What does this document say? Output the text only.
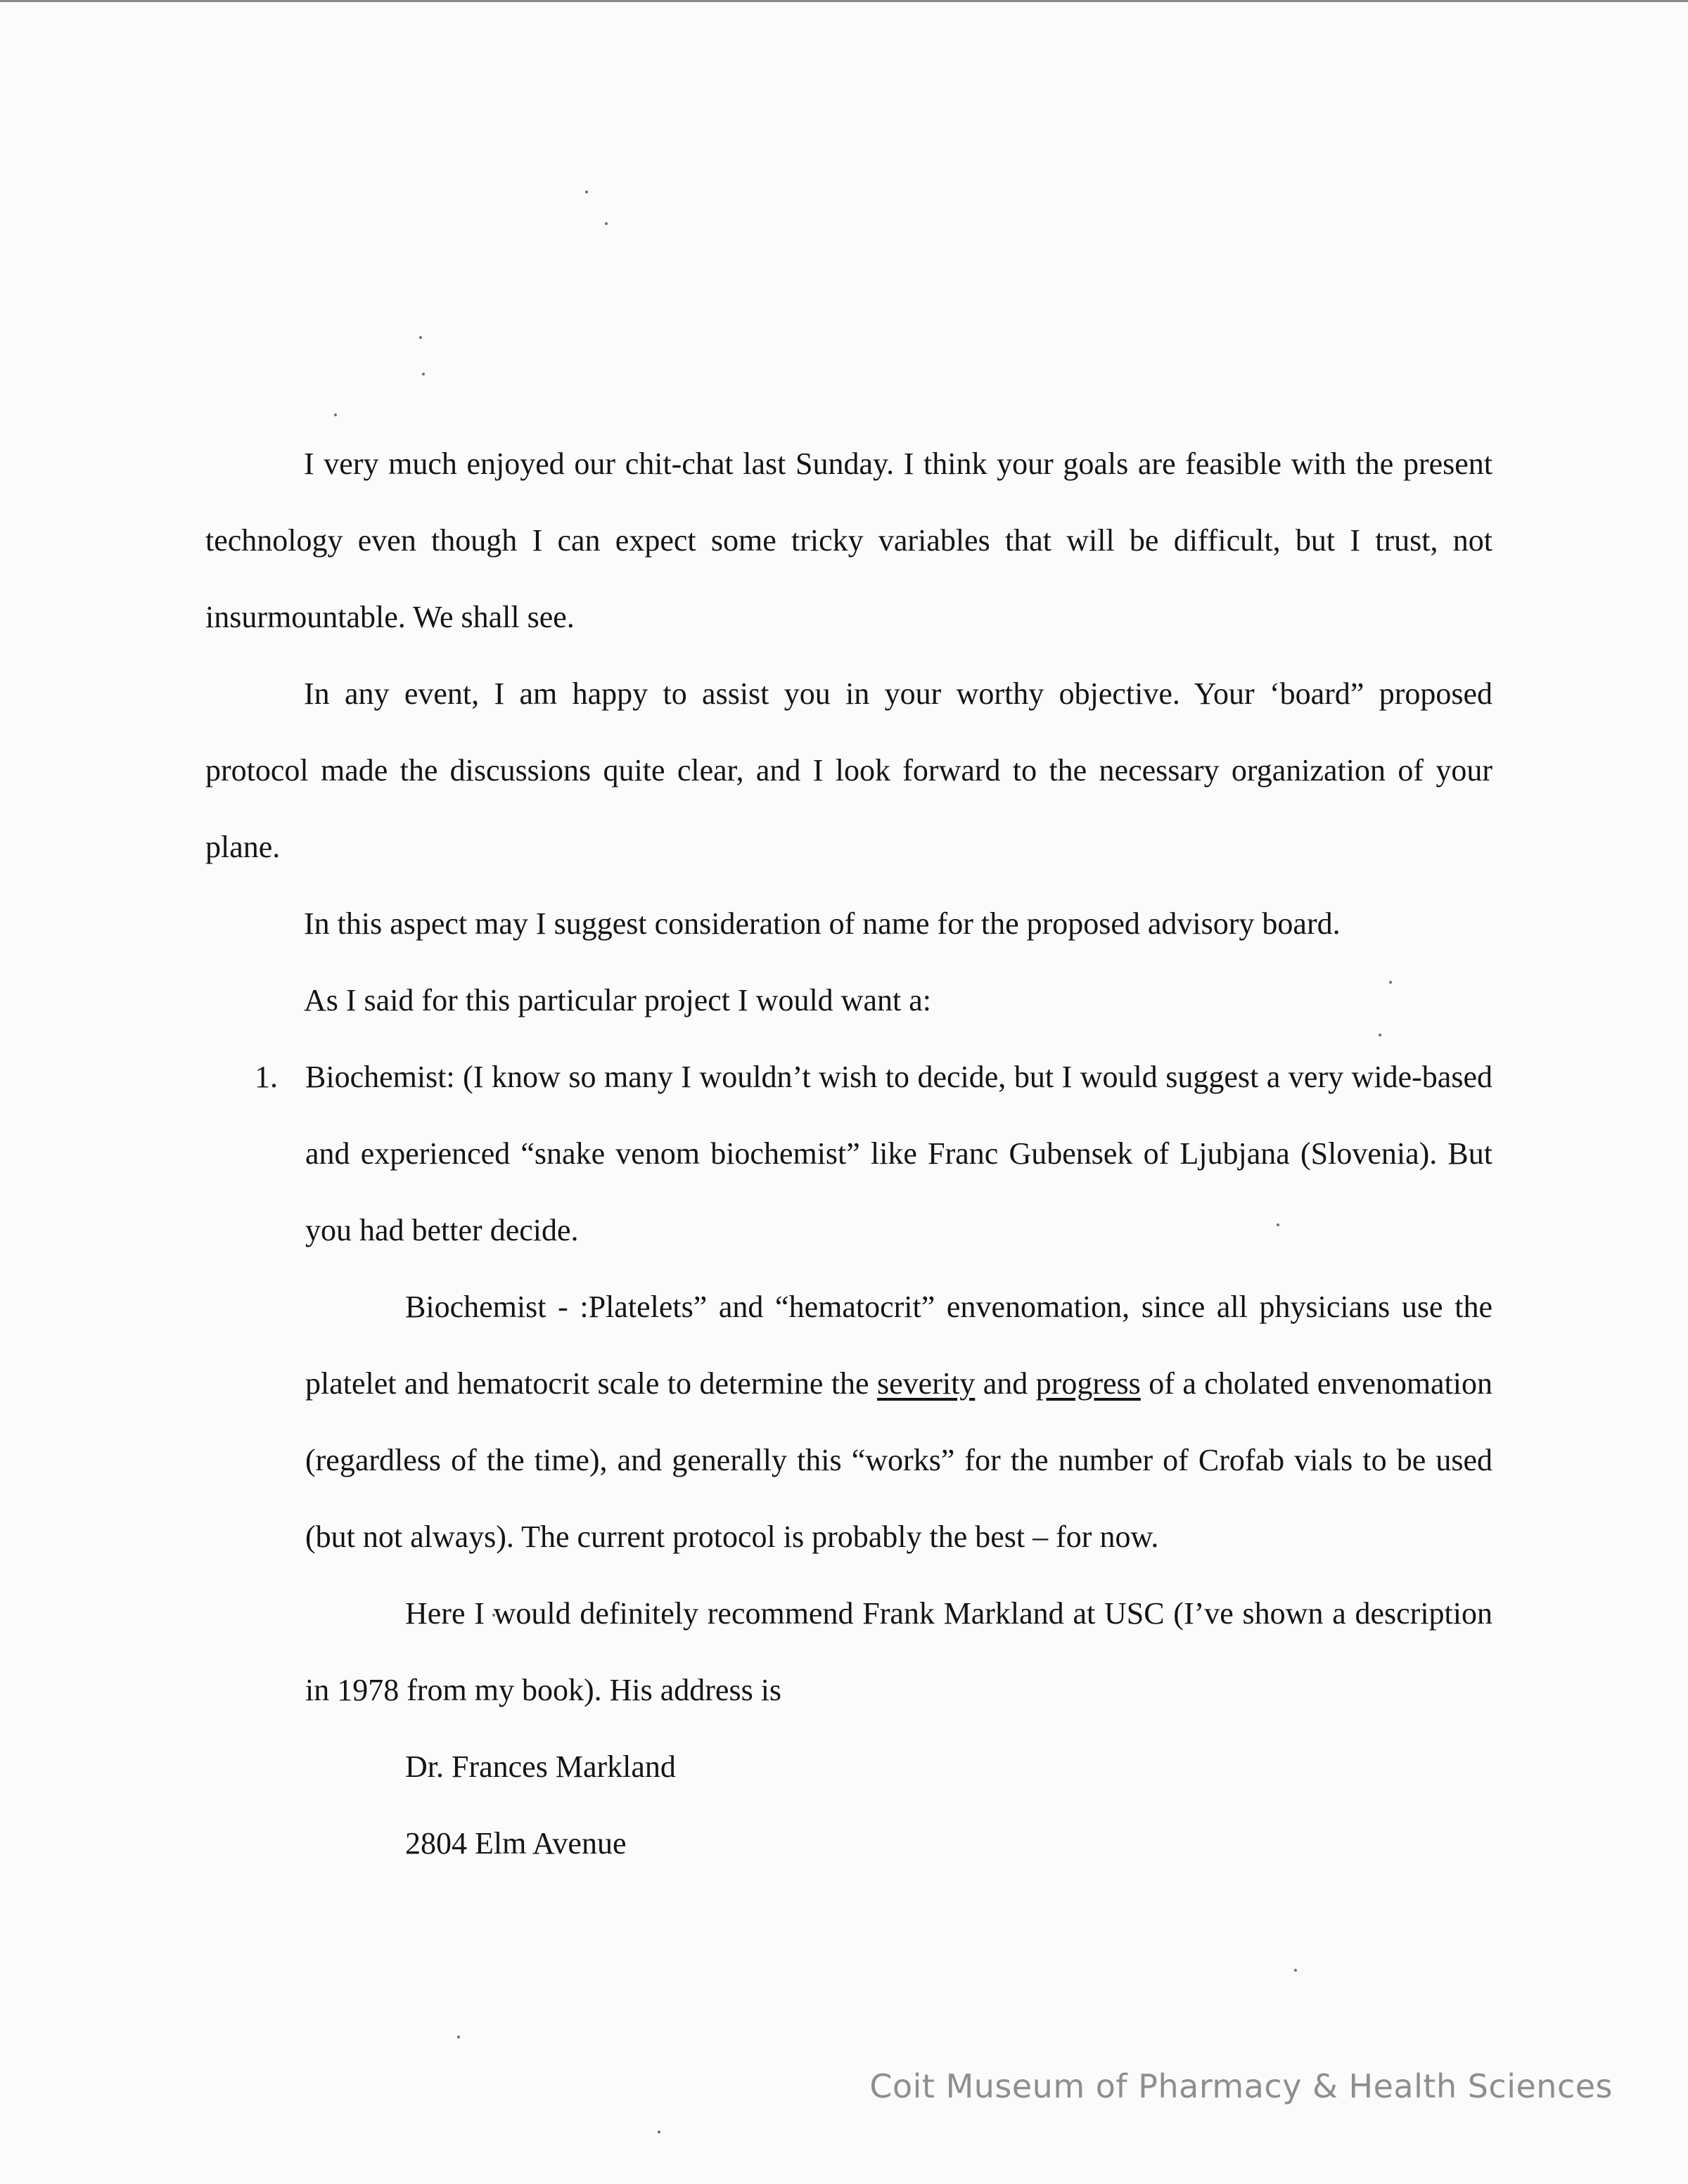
I very much enjoyed our chit-chat last Sunday. I think your goals are feasible with the present technology even though I can expect some tricky variables that will be difficult, but I trust, not insurmountable. We shall see.

In any event, I am happy to assist you in your worthy objective. Your ‘board” proposed protocol made the discussions quite clear, and I look forward to the necessary organization of your plane.

In this aspect may I suggest consideration of name for the proposed advisory board.

As I said for this particular project I would want a:

1. Biochemist: (I know so many I wouldn’t wish to decide, but I would suggest a very wide-based and experienced “snake venom biochemist” like Franc Gubensek of Ljubjana (Slovenia). But you had better decide.

Biochemist - :Platelets” and “hematocrit” envenomation, since all physicians use the platelet and hematocrit scale to determine the severity and progress of a cholated envenomation (regardless of the time), and generally this “works” for the number of Crofab vials to be used (but not always). The current protocol is probably the best – for now.

Here I would definitely recommend Frank Markland at USC (I’ve shown a description in 1978 from my book). His address is

Dr. Frances Markland

2804 Elm Avenue

Coit Museum of Pharmacy & Health Sciences
